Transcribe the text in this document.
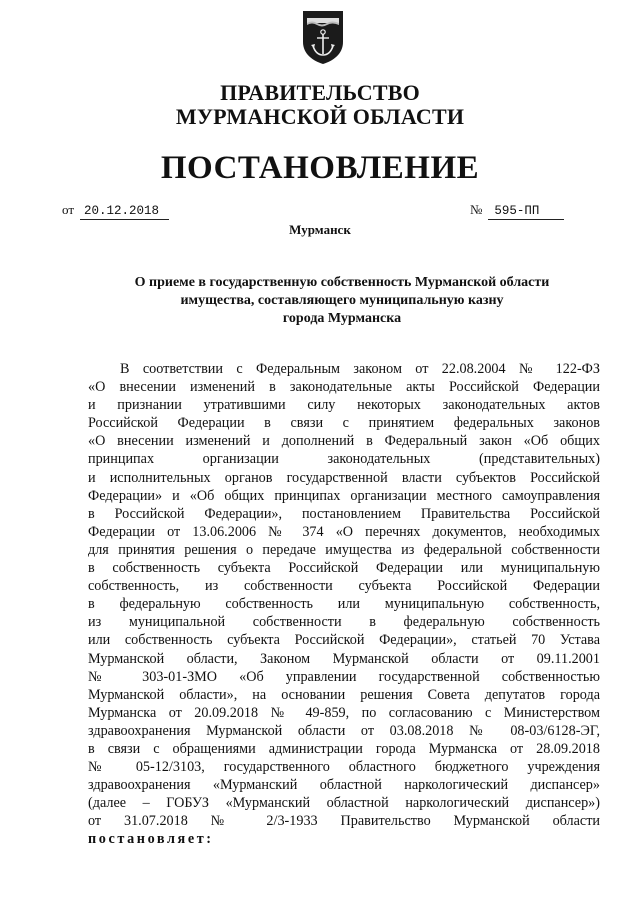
ПРАВИТЕЛЬСТВО
МУРМАНСКОЙ ОБЛАСТИ
ПОСТАНОВЛЕНИЕ
от 20.12.2018	№ 595-ПП
Мурманск
О приеме в государственную собственность Мурманской области
имущества, составляющего муниципальную казну
города Мурманска
В соответствии с Федеральным законом от 22.08.2004 № 122-ФЗ
«О внесении изменений в законодательные акты Российской Федерации
и признании утратившими силу некоторых законодательных актов
Российской Федерации в связи с принятием федеральных законов
«О внесении изменений и дополнений в Федеральный закон «Об общих
принципах организации законодательных (представительных)
и исполнительных органов государственной власти субъектов Российской
Федерации» и «Об общих принципах организации местного самоуправления
в Российской Федерации», постановлением Правительства Российской
Федерации от 13.06.2006 № 374 «О перечнях документов, необходимых
для принятия решения о передаче имущества из федеральной собственности
в собственность субъекта Российской Федерации или муниципальную
собственность, из собственности субъекта Российской Федерации
в федеральную собственность или муниципальную собственность,
из муниципальной собственности в федеральную собственность
или собственность субъекта Российской Федерации», статьей 70 Устава
Мурманской области, Законом Мурманской области от 09.11.2001
№ 303-01-ЗМО «Об управлении государственной собственностью
Мурманской области», на основании решения Совета депутатов города
Мурманска от 20.09.2018 № 49-859, по согласованию с Министерством
здравоохранения Мурманской области от 03.08.2018 № 08-03/6128-ЭГ,
в связи с обращениями администрации города Мурманска от 28.09.2018
№ 05-12/3103, государственного областного бюджетного учреждения
здравоохранения «Мурманский областной наркологический диспансер»
(далее – ГОБУЗ «Мурманский областной наркологический диспансер»)
от 31.07.2018 № 2/3-1933 Правительство Мурманской области
постановляет:
